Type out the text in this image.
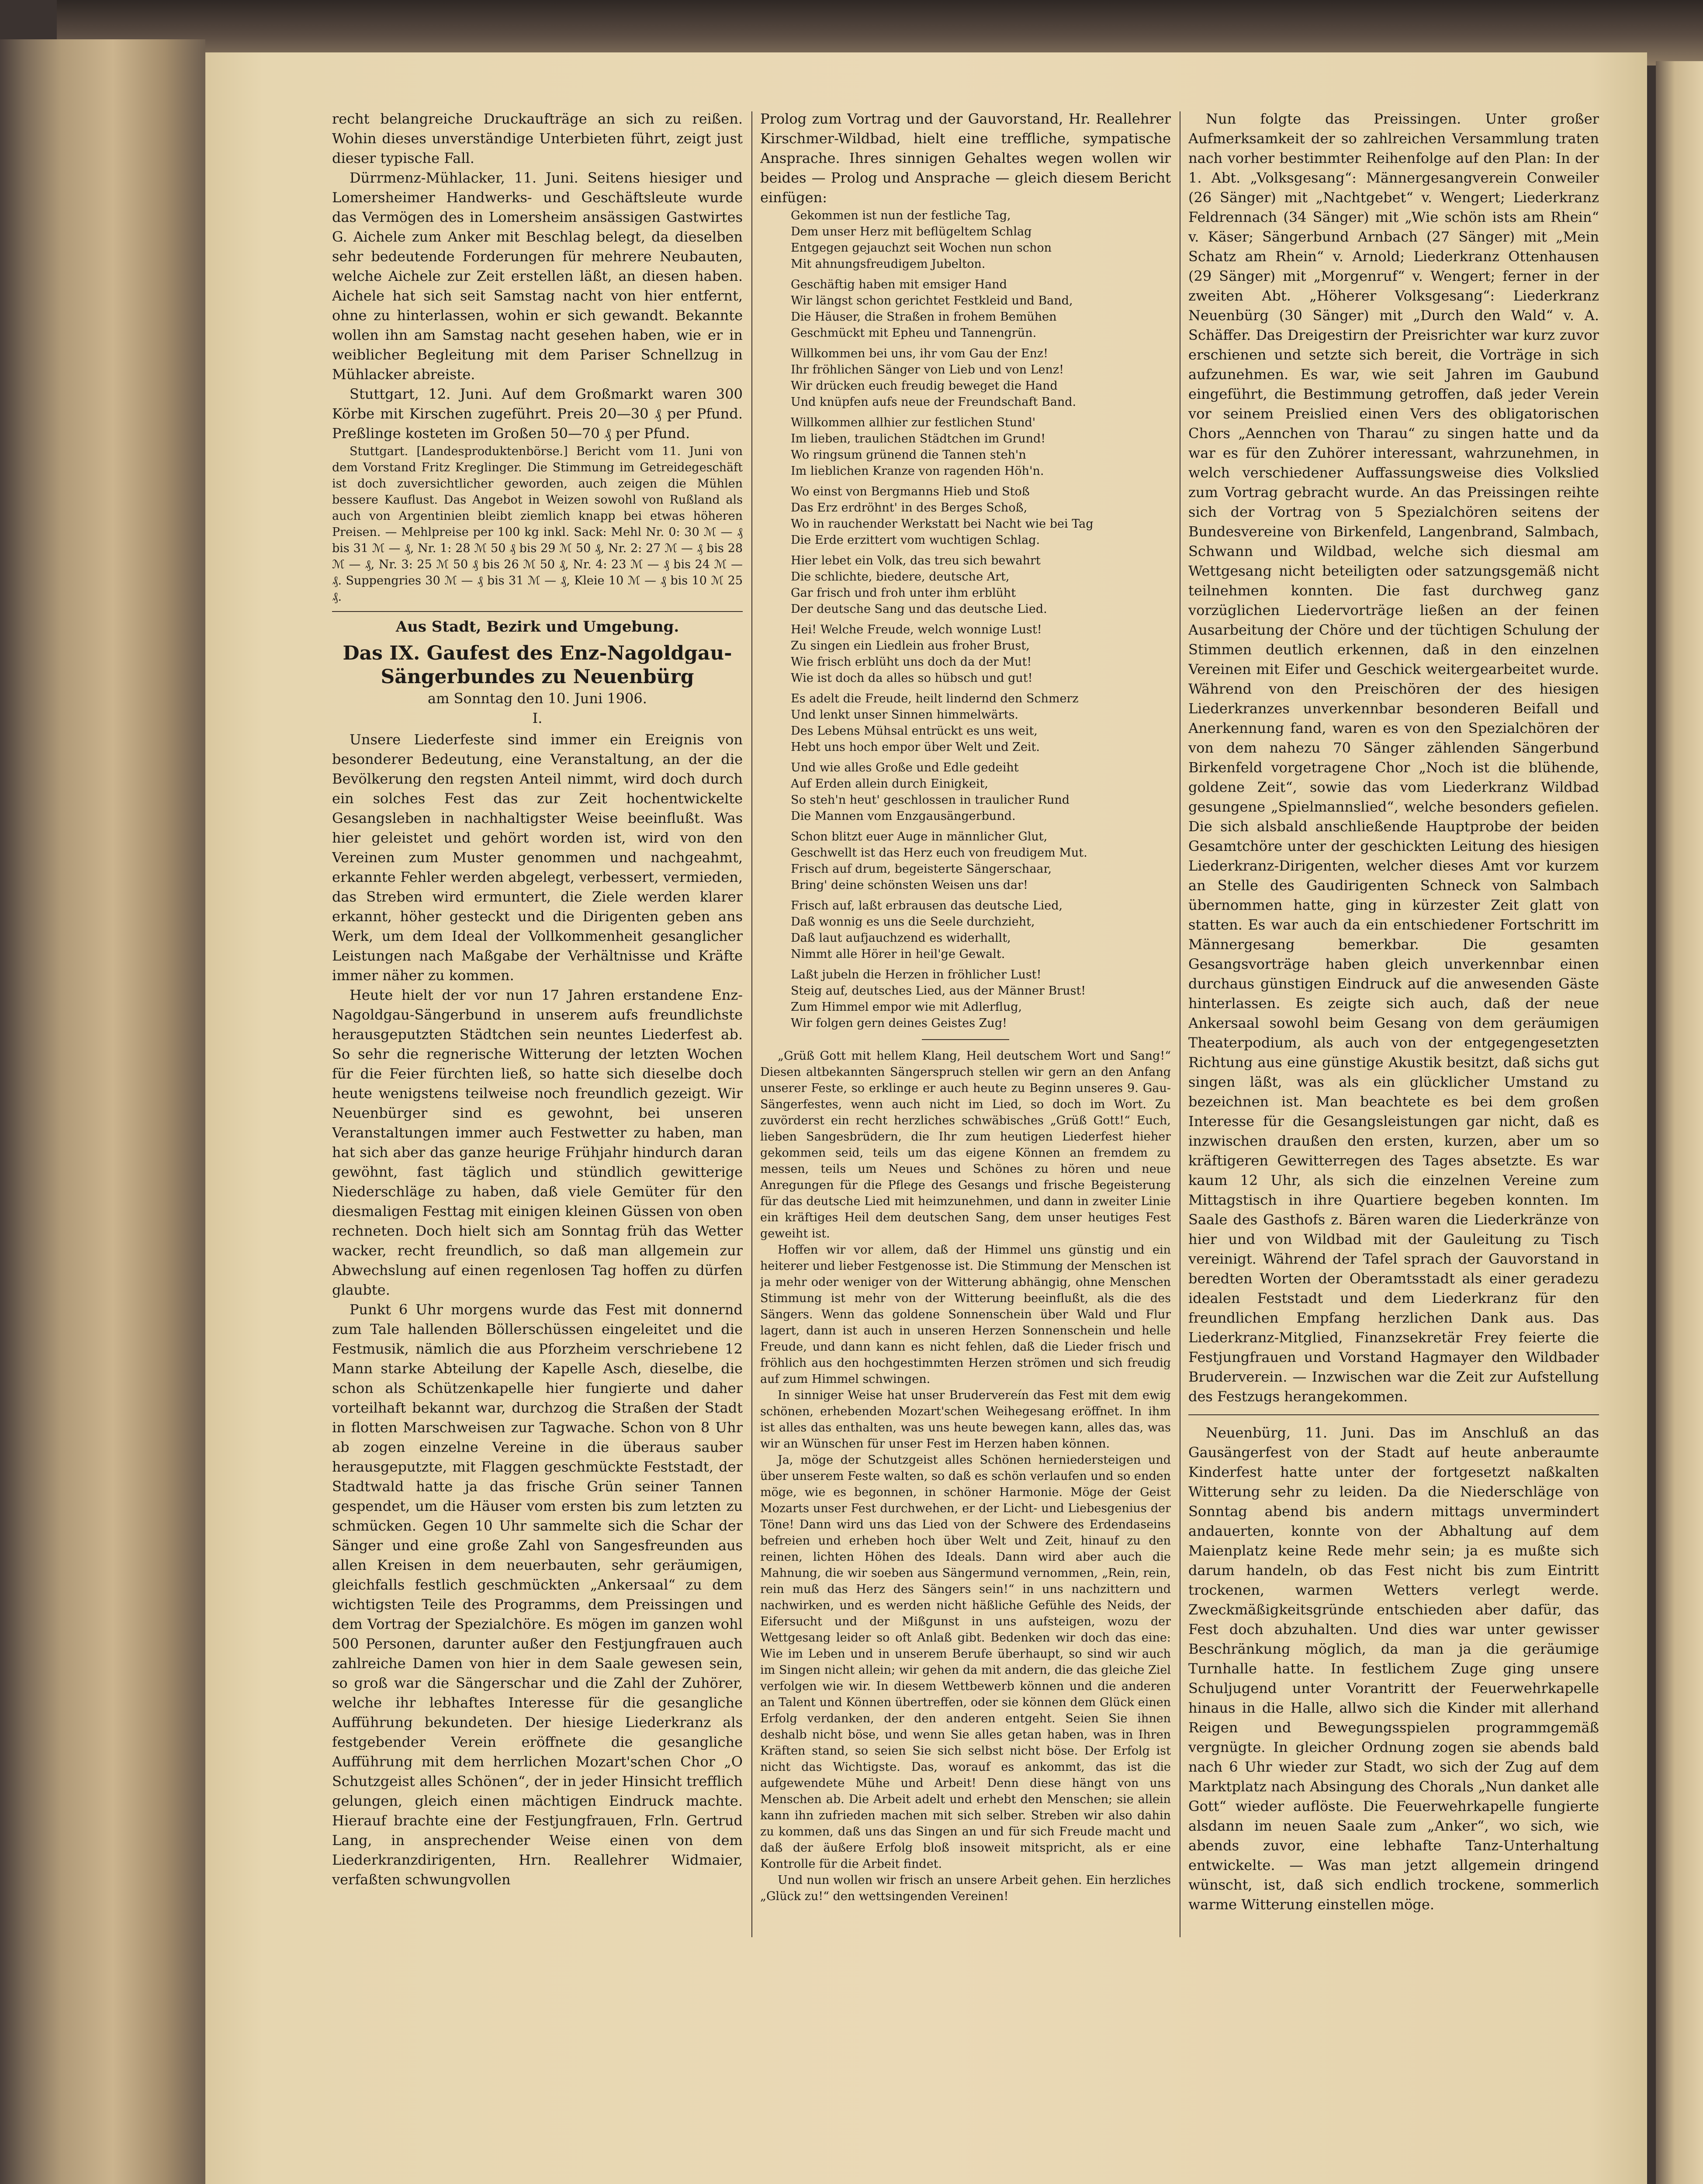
recht belangreiche Druckaufträge an sich zu reißen. Wohin dieses unverständige Unterbieten führt, zeigt just dieser typische Fall.

Dürrmenz-Mühlacker, 11. Juni. Seitens hiesiger und Lomersheimer Handwerks- und Geschäftsleute wurde das Vermögen des in Lomersheim ansässigen Gastwirtes G. Aichele zum Anker mit Beschlag belegt, da dieselben sehr bedeutende Forderungen für mehrere Neubauten, welche Aichele zur Zeit erstellen läßt, an diesen haben. Aichele hat sich seit Samstag nacht von hier entfernt, ohne zu hinterlassen, wohin er sich gewandt. Bekannte wollen ihn am Samstag nacht gesehen haben, wie er in weiblicher Begleitung mit dem Pariser Schnellzug in Mühlacker abreiste.

Stuttgart, 12. Juni. Auf dem Großmarkt waren 300 Körbe mit Kirschen zugeführt. Preis 20—30 ₰ per Pfund. Preßlinge kosteten im Großen 50—70 ₰ per Pfund.

Stuttgart. [Landesproduktenbörse.] Bericht vom 11. Juni von dem Vorstand Fritz Kreglinger. Die Stimmung im Getreidegeschäft ist doch zuversichtlicher geworden, auch zeigen die Mühlen bessere Kauflust. Das Angebot in Weizen sowohl von Rußland als auch von Argentinien bleibt ziemlich knapp bei etwas höheren Preisen. — Mehlpreise per 100 kg inkl. Sack: Mehl Nr. 0: 30 ℳ — ₰ bis 31 ℳ — ₰, Nr. 1: 28 ℳ 50 ₰ bis 29 ℳ 50 ₰, Nr. 2: 27 ℳ — ₰ bis 28 ℳ — ₰, Nr. 3: 25 ℳ 50 ₰ bis 26 ℳ 50 ₰, Nr. 4: 23 ℳ — ₰ bis 24 ℳ — ₰. Suppengries 30 ℳ — ₰ bis 31 ℳ — ₰, Kleie 10 ℳ — ₰ bis 10 ℳ 25 ₰.

Aus Stadt, Bezirk und Umgebung.
Das IX. Gaufest des Enz-Nagoldgau-Sängerbundes zu Neuenbürg
am Sonntag den 10. Juni 1906.
I.

Unsere Liederfeste sind immer ein Ereignis von besonderer Bedeutung, eine Veranstaltung, an der die Bevölkerung den regsten Anteil nimmt, wird doch durch ein solches Fest das zur Zeit hochentwickelte Gesangsleben in nachhaltigster Weise beeinflußt. Was hier geleistet und gehört worden ist, wird von den Vereinen zum Muster genommen und nachgeahmt, erkannte Fehler werden abgelegt, verbessert, vermieden, das Streben wird ermuntert, die Ziele werden klarer erkannt, höher gesteckt und die Dirigenten geben ans Werk, um dem Ideal der Vollkommenheit gesanglicher Leistungen nach Maßgabe der Verhältnisse und Kräfte immer näher zu kommen.

Heute hielt der vor nun 17 Jahren erstandene Enz-Nagoldgau-Sängerbund in unserem aufs freundlichste herausgeputzten Städtchen sein neuntes Liederfest ab. So sehr die regnerische Witterung der letzten Wochen für die Feier fürchten ließ, so hatte sich dieselbe doch heute wenigstens teilweise noch freundlich gezeigt. Wir Neuenbürger sind es gewohnt, bei unseren Veranstaltungen immer auch Festwetter zu haben, man hat sich aber das ganze heurige Frühjahr hindurch daran gewöhnt, fast täglich und stündlich gewitterige Niederschläge zu haben, daß viele Gemüter für den diesmaligen Festtag mit einigen kleinen Güssen von oben rechneten. Doch hielt sich am Sonntag früh das Wetter wacker, recht freundlich, so daß man allgemein zur Abwechslung auf einen regenlosen Tag hoffen zu dürfen glaubte.

Punkt 6 Uhr morgens wurde das Fest mit donnernd zum Tale hallenden Böllerschüssen eingeleitet und die Festmusik, nämlich die aus Pforzheim verschriebene 12 Mann starke Abteilung der Kapelle Asch, dieselbe, die schon als Schützenkapelle hier fungierte und daher vorteilhaft bekannt war, durchzog die Straßen der Stadt in flotten Marschweisen zur Tagwache. Schon von 8 Uhr ab zogen einzelne Vereine in die überaus sauber herausgeputzte, mit Flaggen geschmückte Feststadt, der Stadtwald hatte ja das frische Grün seiner Tannen gespendet, um die Häuser vom ersten bis zum letzten zu schmücken. Gegen 10 Uhr sammelte sich die Schar der Sänger und eine große Zahl von Sangesfreunden aus allen Kreisen in dem neuerbauten, sehr geräumigen, gleichfalls festlich geschmückten „Ankersaal“ zu dem wichtigsten Teile des Programms, dem Preissingen und dem Vortrag der Spezialchöre. Es mögen im ganzen wohl 500 Personen, darunter außer den Festjungfrauen auch zahlreiche Damen von hier in dem Saale gewesen sein, so groß war die Sängerschar und die Zahl der Zuhörer, welche ihr lebhaftes Interesse für die gesangliche Aufführung bekundeten. Der hiesige Liederkranz als festgebender Verein eröffnete die gesangliche Aufführung mit dem herrlichen Mozart'schen Chor „O Schutzgeist alles Schönen“, der in jeder Hinsicht trefflich gelungen, gleich einen mächtigen Eindruck machte. Hierauf brachte eine der Festjungfrauen, Frln. Gertrud Lang, in ansprechender Weise einen von dem Liederkranzdirigenten, Hrn. Reallehrer Widmaier, verfaßten schwungvollen

Prolog zum Vortrag und der Gauvorstand, Hr. Reallehrer Kirschmer-Wildbad, hielt eine treffliche, sympatische Ansprache. Ihres sinnigen Gehaltes wegen wollen wir beides — Prolog und Ansprache — gleich diesem Bericht einfügen:

Gekommen ist nun der festliche Tag,
Dem unser Herz mit beflügeltem Schlag
Entgegen gejauchzt seit Wochen nun schon
Mit ahnungsfreudigem Jubelton.
Geschäftig haben mit emsiger Hand
Wir längst schon gerichtet Festkleid und Band,
Die Häuser, die Straßen in frohem Bemühen
Geschmückt mit Epheu und Tannengrün.
Willkommen bei uns, ihr vom Gau der Enz!
Ihr fröhlichen Sänger von Lieb und von Lenz!
Wir drücken euch freudig beweget die Hand
Und knüpfen aufs neue der Freundschaft Band.
Willkommen allhier zur festlichen Stund'
Im lieben, traulichen Städtchen im Grund!
Wo ringsum grünend die Tannen steh'n
Im lieblichen Kranze von ragenden Höh'n.
Wo einst von Bergmanns Hieb und Stoß
Das Erz erdröhnt' in des Berges Schoß,
Wo in rauchender Werkstatt bei Nacht wie bei Tag
Die Erde erzittert vom wuchtigen Schlag.
Hier lebet ein Volk, das treu sich bewahrt
Die schlichte, biedere, deutsche Art,
Gar frisch und froh unter ihm erblüht
Der deutsche Sang und das deutsche Lied.
Hei! Welche Freude, welch wonnige Lust!
Zu singen ein Liedlein aus froher Brust,
Wie frisch erblüht uns doch da der Mut!
Wie ist doch da alles so hübsch und gut!
Es adelt die Freude, heilt lindernd den Schmerz
Und lenkt unser Sinnen himmelwärts.
Des Lebens Mühsal entrückt es uns weit,
Hebt uns hoch empor über Welt und Zeit.
Und wie alles Große und Edle gedeiht
Auf Erden allein durch Einigkeit,
So steh'n heut' geschlossen in traulicher Rund
Die Mannen vom Enzgausängerbund.
Schon blitzt euer Auge in männlicher Glut,
Geschwellt ist das Herz euch von freudigem Mut.
Frisch auf drum, begeisterte Sängerschaar,
Bring' deine schönsten Weisen uns dar!
Frisch auf, laßt erbrausen das deutsche Lied,
Daß wonnig es uns die Seele durchzieht,
Daß laut aufjauchzend es widerhallt,
Nimmt alle Hörer in heil'ge Gewalt.
Laßt jubeln die Herzen in fröhlicher Lust!
Steig auf, deutsches Lied, aus der Männer Brust!
Zum Himmel empor wie mit Adlerflug,
Wir folgen gern deines Geistes Zug!

„Grüß Gott mit hellem Klang, Heil deutschem Wort und Sang!“ Diesen altbekannten Sängerspruch stellen wir gern an den Anfang unserer Feste, so erklinge er auch heute zu Beginn unseres 9. Gau-Sängerfestes, wenn auch nicht im Lied, so doch im Wort. Zu zuvörderst ein recht herzliches schwäbisches „Grüß Gott!“ Euch, lieben Sangesbrüdern, die Ihr zum heutigen Liederfest hieher gekommen seid, teils um das eigene Können an fremdem zu messen, teils um Neues und Schönes zu hören und neue Anregungen für die Pflege des Gesangs und frische Begeisterung für das deutsche Lied mit heimzunehmen, und dann in zweiter Linie ein kräftiges Heil dem deutschen Sang, dem unser heutiges Fest geweiht ist.

Hoffen wir vor allem, daß der Himmel uns günstig und ein heiterer und lieber Festgenosse ist. Die Stimmung der Menschen ist ja mehr oder weniger von der Witterung abhängig, ohne Menschen Stimmung ist mehr von der Witterung beeinflußt, als die des Sängers. Wenn das goldene Sonnenschein über Wald und Flur lagert, dann ist auch in unseren Herzen Sonnenschein und helle Freude, und dann kann es nicht fehlen, daß die Lieder frisch und fröhlich aus den hochgestimmten Herzen strömen und sich freudig auf zum Himmel schwingen.

In sinniger Weise hat unser Brudervereín das Fest mit dem ewig schönen, erhebenden Mozart'schen Weihegesang eröffnet. In ihm ist alles das enthalten, was uns heute bewegen kann, alles das, was wir an Wünschen für unser Fest im Herzen haben können.

Ja, möge der Schutzgeist alles Schönen herniedersteigen und über unserem Feste walten, so daß es schön verlaufen und so enden möge, wie es begonnen, in schöner Harmonie. Möge der Geist Mozarts unser Fest durchwehen, er der Licht- und Liebesgenius der Töne! Dann wird uns das Lied von der Schwere des Erdendaseins befreien und erheben hoch über Welt und Zeit, hinauf zu den reinen, lichten Höhen des Ideals. Dann wird aber auch die Mahnung, die wir soeben aus Sängermund vernommen, „Rein, rein, rein muß das Herz des Sängers sein!“ in uns nachzittern und nachwirken, und es werden nicht häßliche Gefühle des Neids, der Eifersucht und der Mißgunst in uns aufsteigen, wozu der Wettgesang leider so oft Anlaß gibt. Bedenken wir doch das eine: Wie im Leben und in unserem Berufe überhaupt, so sind wir auch im Singen nicht allein; wir gehen da mit andern, die das gleiche Ziel verfolgen wie wir. In diesem Wettbewerb können und die anderen an Talent und Können übertreffen, oder sie können dem Glück einen Erfolg verdanken, der den anderen entgeht. Seien Sie ihnen deshalb nicht böse, und wenn Sie alles getan haben, was in Ihren Kräften stand, so seien Sie sich selbst nicht böse. Der Erfolg ist nicht das Wichtigste. Das, worauf es ankommt, das ist die aufgewendete Mühe und Arbeit! Denn diese hängt von uns Menschen ab. Die Arbeit adelt und erhebt den Menschen; sie allein kann ihn zufrieden machen mit sich selber. Streben wir also dahin zu kommen, daß uns das Singen an und für sich Freude macht und daß der äußere Erfolg bloß insoweit mitspricht, als er eine Kontrolle für die Arbeit findet.

Und nun wollen wir frisch an unsere Arbeit gehen. Ein herzliches „Glück zu!“ den wettsingenden Vereinen!

Nun folgte das Preissingen. Unter großer Aufmerksamkeit der so zahlreichen Versammlung traten nach vorher bestimmter Reihenfolge auf den Plan: In der 1. Abt. „Volksgesang“: Männergesangverein Conweiler (26 Sänger) mit „Nachtgebet“ v. Wengert; Liederkranz Feldrennach (34 Sänger) mit „Wie schön ists am Rhein“ v. Käser; Sängerbund Arnbach (27 Sänger) mit „Mein Schatz am Rhein“ v. Arnold; Liederkranz Ottenhausen (29 Sänger) mit „Morgenruf“ v. Wengert; ferner in der zweiten Abt. „Höherer Volksgesang“: Liederkranz Neuenbürg (30 Sänger) mit „Durch den Wald“ v. A. Schäffer. Das Dreigestirn der Preisrichter war kurz zuvor erschienen und setzte sich bereit, die Vorträge in sich aufzunehmen. Es war, wie seit Jahren im Gaubund eingeführt, die Bestimmung getroffen, daß jeder Verein vor seinem Preislied einen Vers des obligatorischen Chors „Aennchen von Tharau“ zu singen hatte und da war es für den Zuhörer interessant, wahrzunehmen, in welch verschiedener Auffassungsweise dies Volkslied zum Vortrag gebracht wurde. An das Preissingen reihte sich der Vortrag von 5 Spezialchören seitens der Bundesvereine von Birkenfeld, Langenbrand, Salmbach, Schwann und Wildbad, welche sich diesmal am Wettgesang nicht beteiligten oder satzungsgemäß nicht teilnehmen konnten. Die fast durchweg ganz vorzüglichen Liedervorträge ließen an der feinen Ausarbeitung der Chöre und der tüchtigen Schulung der Stimmen deutlich erkennen, daß in den einzelnen Vereinen mit Eifer und Geschick weitergearbeitet wurde. Während von den Preischören der des hiesigen Liederkranzes unverkennbar besonderen Beifall und Anerkennung fand, waren es von den Spezialchören der von dem nahezu 70 Sänger zählenden Sängerbund Birkenfeld vorgetragene Chor „Noch ist die blühende, goldene Zeit“, sowie das vom Liederkranz Wildbad gesungene „Spielmannslied“, welche besonders gefielen. Die sich alsbald anschließende Hauptprobe der beiden Gesamtchöre unter der geschickten Leitung des hiesigen Liederkranz-Dirigenten, welcher dieses Amt vor kurzem an Stelle des Gaudirigenten Schneck von Salmbach übernommen hatte, ging in kürzester Zeit glatt von statten. Es war auch da ein entschiedener Fortschritt im Männergesang bemerkbar. Die gesamten Gesangsvorträge haben gleich unverkennbar einen durchaus günstigen Eindruck auf die anwesenden Gäste hinterlassen. Es zeigte sich auch, daß der neue Ankersaal sowohl beim Gesang von dem geräumigen Theaterpodium, als auch von der entgegengesetzten Richtung aus eine günstige Akustik besitzt, daß sichs gut singen läßt, was als ein glücklicher Umstand zu bezeichnen ist. Man beachtete es bei dem großen Interesse für die Gesangsleistungen gar nicht, daß es inzwischen draußen den ersten, kurzen, aber um so kräftigeren Gewitterregen des Tages absetzte. Es war kaum 12 Uhr, als sich die einzelnen Vereine zum Mittagstisch in ihre Quartiere begeben konnten. Im Saale des Gasthofs z. Bären waren die Liederkränze von hier und von Wildbad mit der Gauleitung zu Tisch vereinigt. Während der Tafel sprach der Gauvorstand in beredten Worten der Oberamtsstadt als einer geradezu idealen Feststadt und dem Liederkranz für den freundlichen Empfang herzlichen Dank aus. Das Liederkranz-Mitglied, Finanzsekretär Frey feierte die Festjungfrauen und Vorstand Hagmayer den Wildbader Bruderverein. — Inzwischen war die Zeit zur Aufstellung des Festzugs herangekommen.

Neuenbürg, 11. Juni. Das im Anschluß an das Gausängerfest von der Stadt auf heute anberaumte Kinderfest hatte unter der fortgesetzt naßkalten Witterung sehr zu leiden. Da die Niederschläge von Sonntag abend bis andern mittags unvermindert andauerten, konnte von der Abhaltung auf dem Maienplatz keine Rede mehr sein; ja es mußte sich darum handeln, ob das Fest nicht bis zum Eintritt trockenen, warmen Wetters verlegt werde. Zweckmäßigkeitsgründe entschieden aber dafür, das Fest doch abzuhalten. Und dies war unter gewisser Beschränkung möglich, da man ja die geräumige Turnhalle hatte. In festlichem Zuge ging unsere Schuljugend unter Vorantritt der Feuerwehrkapelle hinaus in die Halle, allwo sich die Kinder mit allerhand Reigen und Bewegungsspielen programmgemäß vergnügte. In gleicher Ordnung zogen sie abends bald nach 6 Uhr wieder zur Stadt, wo sich der Zug auf dem Marktplatz nach Absingung des Chorals „Nun danket alle Gott“ wieder auflöste. Die Feuerwehrkapelle fungierte alsdann im neuen Saale zum „Anker“, wo sich, wie abends zuvor, eine lebhafte Tanz-Unterhaltung entwickelte. — Was man jetzt allgemein dringend wünscht, ist, daß sich endlich trockene, sommerlich warme Witterung einstellen möge.
